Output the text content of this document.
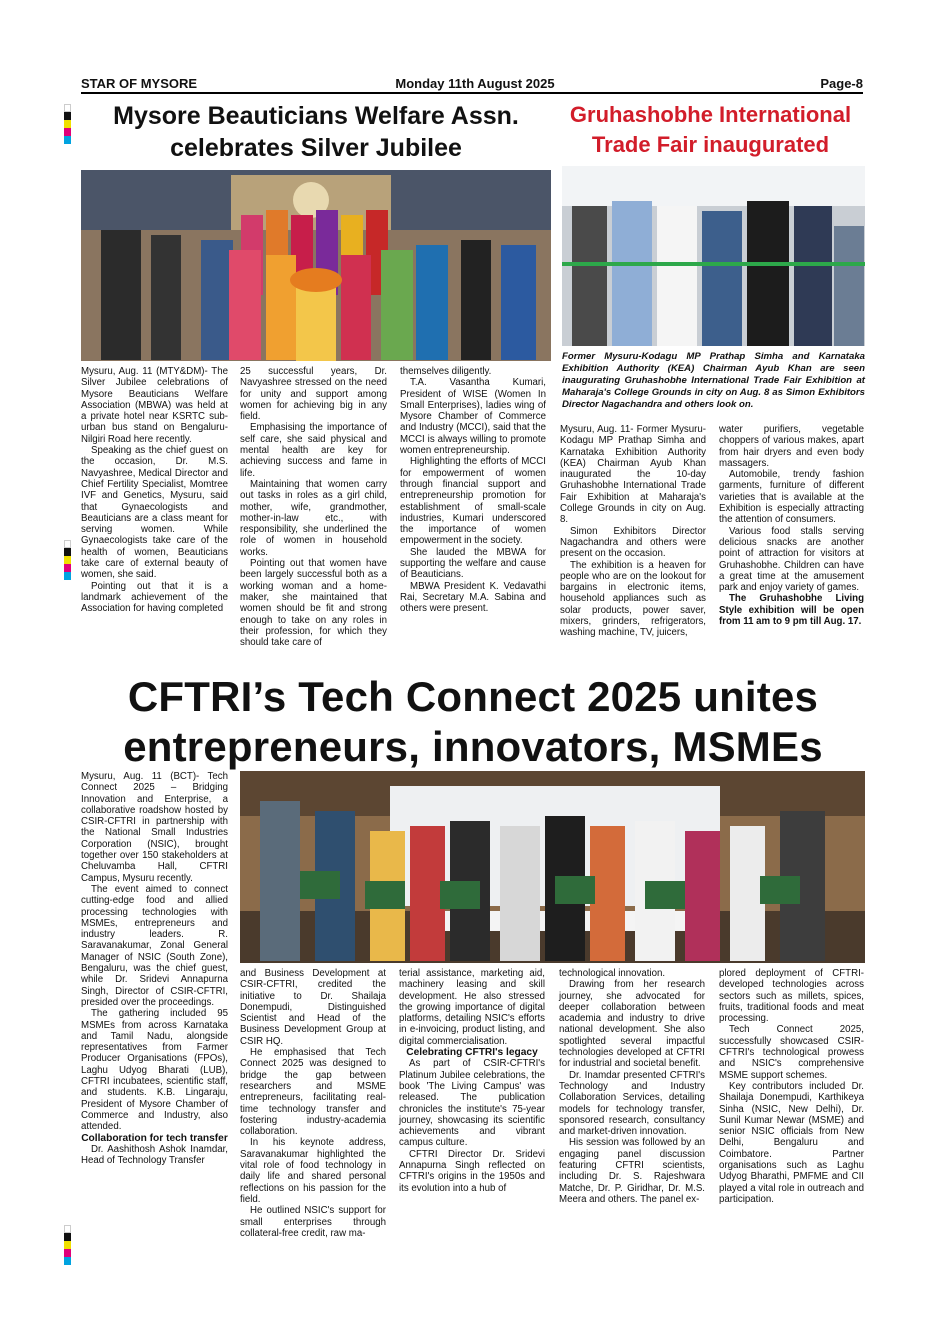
STAR OF MYSORE	Monday 11th August 2025	Page-8
Mysore Beauticians Welfare Assn.
celebrates Silver Jubilee
Gruhashobhe International
Trade Fair inaugurated
Former Mysuru-Kodagu MP Prathap Simha and Karnataka Exhibition Authority (KEA) Chairman Ayub Khan are seen inaugurating Gruhashobhe International Trade Fair Exhibition at Maharaja's College Grounds in city on Aug. 8 as Simon Exhibitors Director Nagachandra and others look on.

Mysuru, Aug. 11 (MTY&DM)- The Silver Jubilee celebrations of Mysore Beauticians Welfare Association (MBWA) was held at a private hotel near KSRTC sub-urban bus stand on Bengaluru-Nilgiri Road here recently.

Speaking as the chief guest on the occasion, Dr. M.S. Navyashree, Medical Director and Chief Fertility Specialist, Momtree IVF and Genetics, Mysuru, said that Gynaecologists and Beauticians are a class meant for serving women. While Gynaecologists take care of the health of women, Beauticians take care of external beauty of women, she said.

Pointing out that it is a landmark achievement of the Association for having completed

25 successful years, Dr. Navyashree stressed on the need for unity and support among women for achieving big in any field.

Emphasising the importance of self care, she said physical and mental health are key for achieving success and fame in life.

Maintaining that women carry out tasks in roles as a girl child, mother, wife, grandmother, mother-in-law etc., with responsibility, she underlined the role of women in household works.

Pointing out that women have been largely successful both as a working woman and a home-maker, she maintained that women should be fit and strong enough to take on any roles in their profession, for which they should take care of

themselves diligently.

T.A. Vasantha Kumari, President of WISE (Women In Small Enterprises), ladies wing of Mysore Chamber of Commerce and Industry (MCCI), said that the MCCI is always willing to promote women entrepreneurship.

Highlighting the efforts of MCCI for empowerment of women through financial support and entrepreneurship promotion for establishment of small-scale industries, Kumari underscored the importance of women empowerment in the society.

She lauded the MBWA for supporting the welfare and cause of Beauticians.

MBWA President K. Vedavathi Rai, Secretary M.A. Sabina and others were present.

Mysuru, Aug. 11- Former Mysuru-Kodagu MP Prathap Simha and Karnataka Exhibition Authority (KEA) Chairman Ayub Khan inaugurated the 10-day Gruhashobhe International Trade Fair Exhibition at Maharaja's College Grounds in city on Aug. 8.

Simon Exhibitors Director Nagachandra and others were present on the occasion.

The exhibition is a heaven for people who are on the lookout for bargains in electronic items, household appliances such as solar products, power saver, mixers, grinders, refrigerators, washing machine, TV, juicers,

water purifiers, vegetable choppers of various makes, apart from hair dryers and even body massagers.

Automobile, trendy fashion garments, furniture of different varieties that is available at the Exhibition is especially attracting the attention of consumers.

Various food stalls serving delicious snacks are another point of attraction for visitors at Gruhashobhe. Children can have a great time at the amusement park and enjoy variety of games.

The Gruhashobhe Living Style exhibition will be open from 11 am to 9 pm till Aug. 17.

CFTRI’s Tech Connect 2025 unites
entrepreneurs, innovators, MSMEs

Mysuru, Aug. 11 (BCT)- Tech Connect 2025 – Bridging Innovation and Enterprise, a collaborative roadshow hosted by CSIR-CFTRI in partnership with the National Small Industries Corporation (NSIC), brought together over 150 stakeholders at Cheluvamba Hall, CFTRI Campus, Mysuru recently.

The event aimed to connect cutting-edge food and allied processing technologies with MSMEs, entrepreneurs and industry leaders. R. Saravanakumar, Zonal General Manager of NSIC (South Zone), Bengaluru, was the chief guest, while Dr. Sridevi Annapurna Singh, Director of CSIR-CFTRI, presided over the proceedings.

The gathering included 95 MSMEs from across Karnataka and Tamil Nadu, alongside representatives from Farmer Producer Organisations (FPOs), Laghu Udyog Bharati (LUB), CFTRI incubatees, scientific staff, and students. K.B. Lingaraju, President of Mysore Chamber of Commerce and Industry, also attended.

Collaboration for tech transfer

Dr. Aashithosh Ashok Inamdar, Head of Technology Transfer

and Business Development at CSIR-CFTRI, credited the initiative to Dr. Shailaja Donempudi, Distinguished Scientist and Head of the Business Development Group at CSIR HQ.

He emphasised that Tech Connect 2025 was designed to bridge the gap between researchers and MSME entrepreneurs, facilitating real-time technology transfer and fostering industry-academia collaboration.

In his keynote address, Saravanakumar highlighted the vital role of food technology in daily life and shared personal reflections on his passion for the field.

He outlined NSIC's support for small enterprises through collateral-free credit, raw ma-

terial assistance, marketing aid, machinery leasing and skill development. He also stressed the growing importance of digital platforms, detailing NSIC's efforts in e-invoicing, product listing, and digital commercialisation.

Celebrating CFTRI's legacy

As part of CSIR-CFTRI's Platinum Jubilee celebrations, the book 'The Living Campus' was released. The publication chronicles the institute's 75-year journey, showcasing its scientific achievements and vibrant campus culture.

CFTRI Director Dr. Sridevi Annapurna Singh reflected on CFTRI's origins in the 1950s and its evolution into a hub of

technological innovation.

Drawing from her research journey, she advocated for deeper collaboration between academia and industry to drive national development. She also spotlighted several impactful technologies developed at CFTRI for industrial and societal benefit.

Dr. Inamdar presented CFTRI's Technology and Industry Collaboration Services, detailing models for technology transfer, sponsored research, consultancy and market-driven innovation.

His session was followed by an engaging panel discussion featuring CFTRI scientists, including Dr. S. Rajeshwara Matche, Dr. P. Giridhar, Dr. M.S. Meera and others. The panel ex-

plored deployment of CFTRI-developed technologies across sectors such as millets, spices, fruits, traditional foods and meat processing.

Tech Connect 2025, successfully showcased CSIR-CFTRI's technological prowess and NSIC's comprehensive MSME support schemes.

Key contributors included Dr. Shailaja Donempudi, Karthikeya Sinha (NSIC, New Delhi), Dr. Sunil Kumar Newar (MSME) and senior NSIC officials from New Delhi, Bengaluru and Coimbatore. Partner organisations such as Laghu Udyog Bharathi, PMFME and CII played a vital role in outreach and participation.
